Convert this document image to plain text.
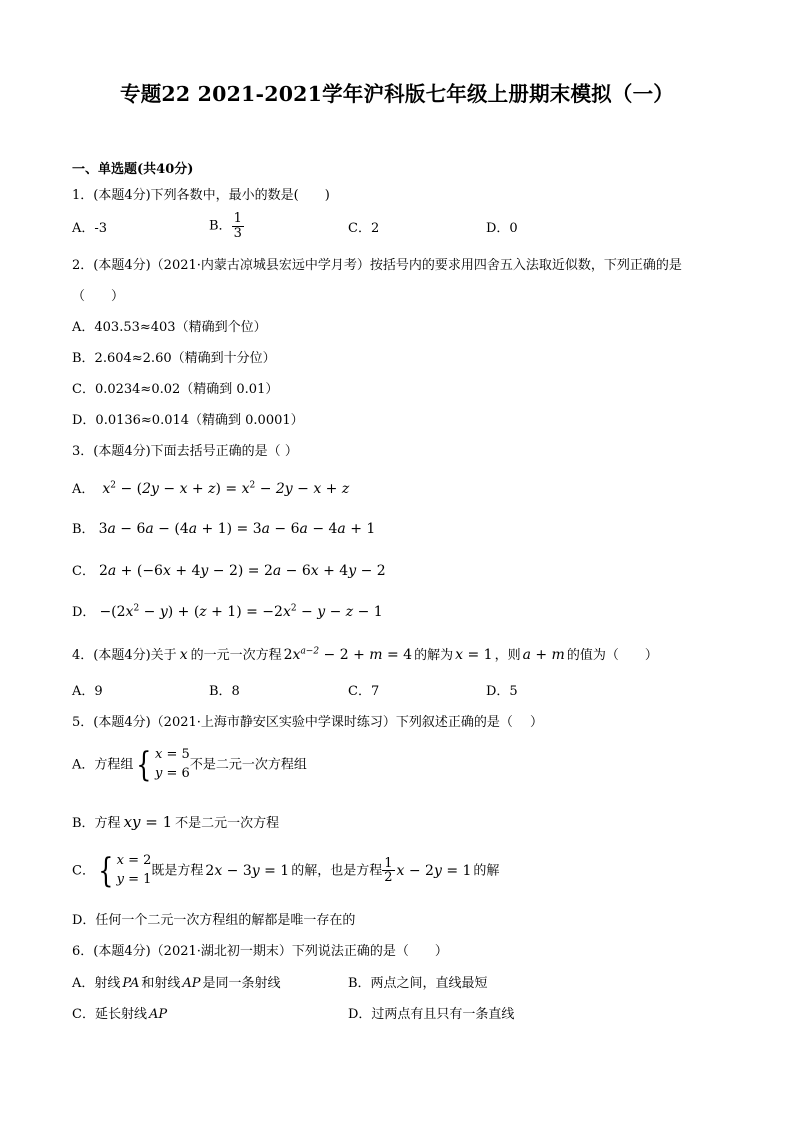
专题22 2021-2021学年沪科版七年级上册期末模拟（一）
一、单选题(共40分)
1．(本题4分)下列各数中，最小的数是(　　)
A．-3	B． $\frac{1}{3}$	C．2	D．0
2．(本题4分)（2021·内蒙古凉城县宏远中学月考）按括号内的要求用四舍五入法取近似数，下列正确的是
（　　）
A．403.53≈403（精确到个位）
B．2.604≈2.60（精确到十分位）
C．0.0234≈0.02（精确到 0.01）
D．0.0136≈0.014（精确到 0.0001）
3．(本题4分)下面去括号正确的是（ ）
A． $x^2 - (2y - x + z) = x^2 - 2y - x + z$
B． 3a − 6a − (4a + 1) = 3a − 6a − 4a + 1
C． 2a + (−6x + 4y − 2) = 2a − 6x + 4y − 2
D． $-(2x^2 - y) + (z + 1) = -2x^2 - y - z - 1$
4．(本题4分)关于 x 的一元一次方程 $2x^{a-2} - 2 + m = 4$ 的解为 x = 1 ，则 a + m 的值为（　　）
A．9	B．8	C．7	D．5
5．(本题4分)（2021·上海市静安区实验中学课时练习）下列叙述正确的是（　 ）
A．方程组{ x = 5
y = 6不是二元一次方程组
B．方程 xy = 1 不是二元一次方程
C．{ x = 2
y = 1既是方程 2x − 3y = 1 的解，也是方程 $\frac{1}{2}$ x − 2y = 1 的解
D．任何一个二元一次方程组的解都是唯一存在的
6．(本题4分)（2021·湖北初一期末）下列说法正确的是（　　）
A．射线 PA 和射线 AP 是同一条射线	B．两点之间，直线最短
C．延长射线 AP	D．过两点有且只有一条直线
